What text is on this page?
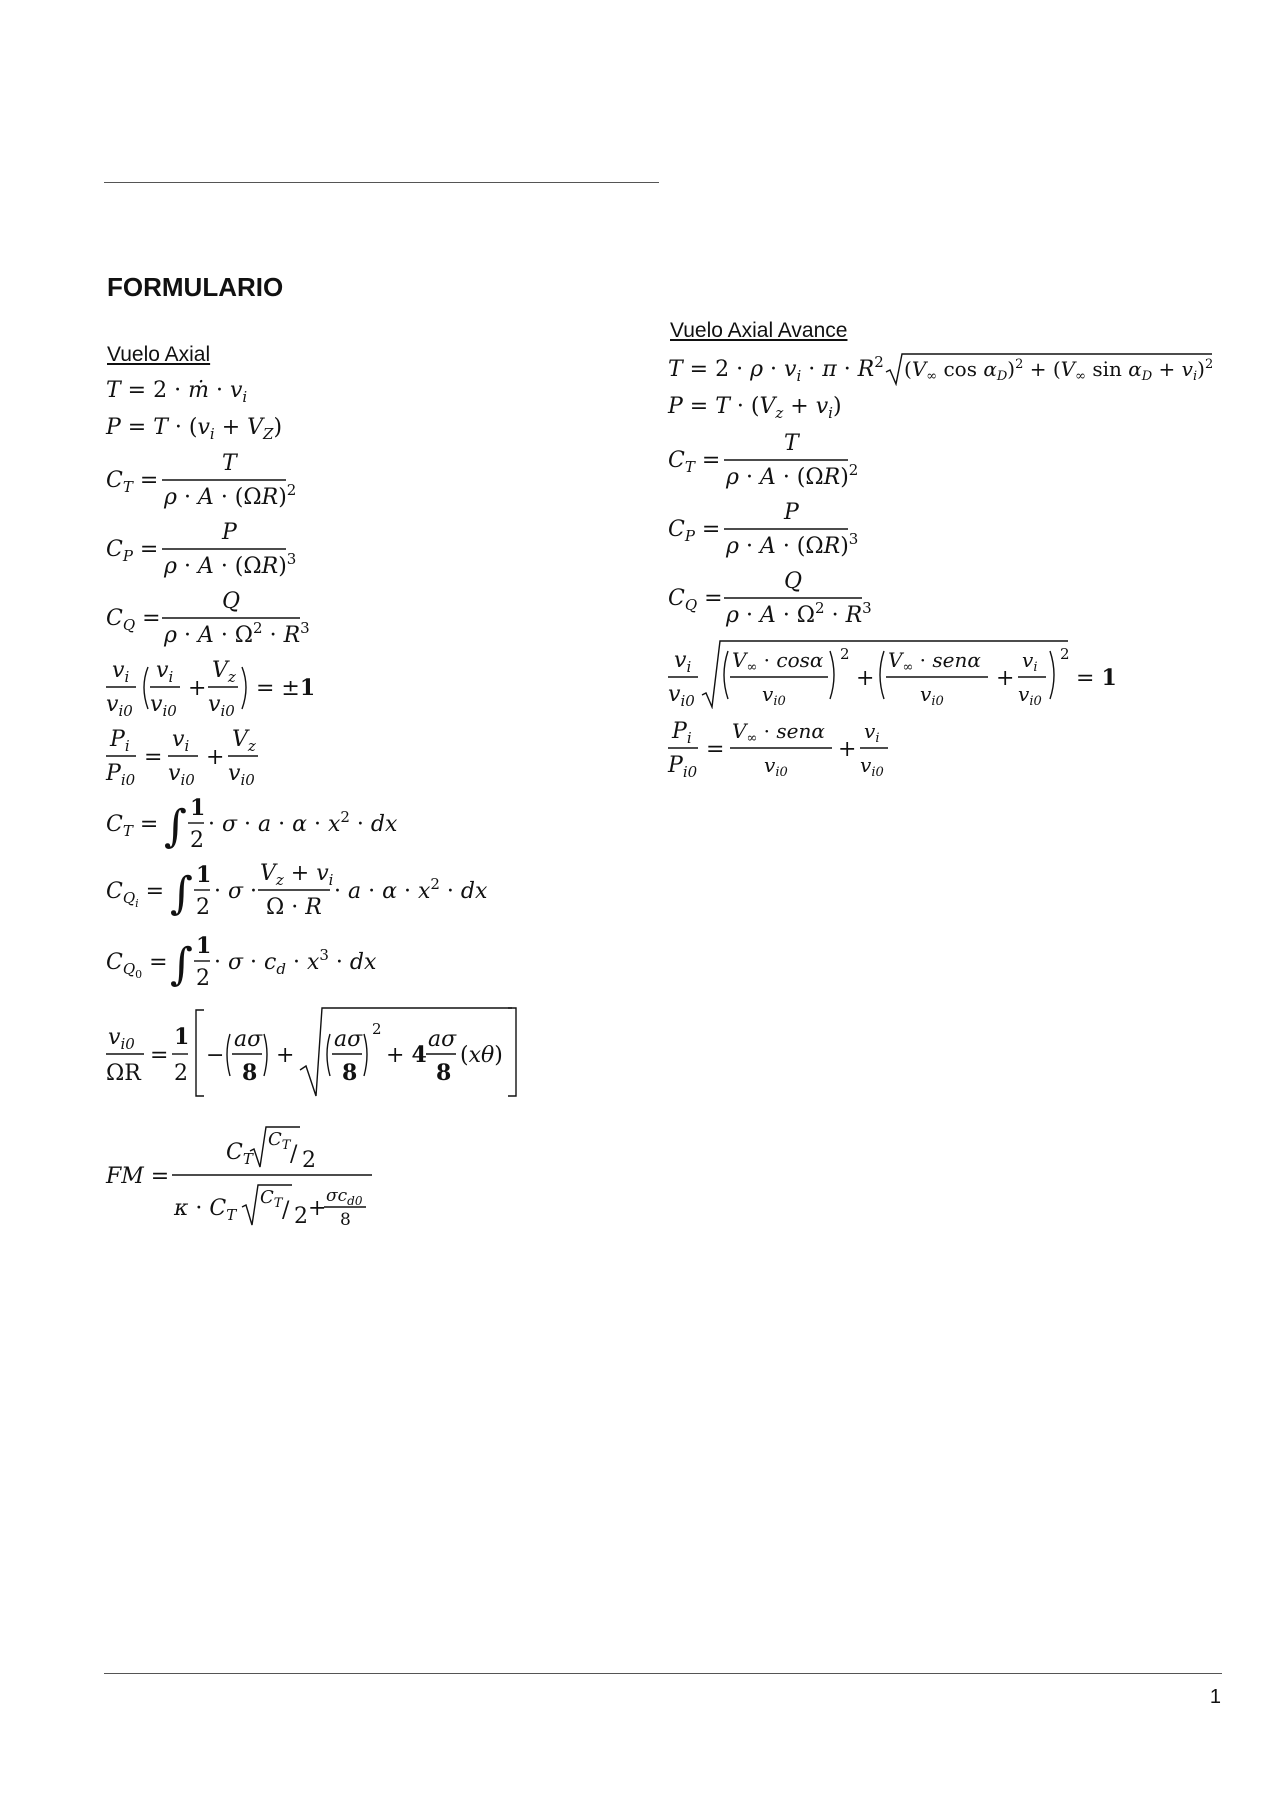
FORMULARIO
Vuelo Axial
Vuelo Axial Avance
T = 2 · ṁ · $v_i$
$P = T \cdot (v_i + V_Z)$
$C_T$ =
T
$\rho \cdot A \cdot (\Omega R)^2$
$C_P$ =
P
$\rho \cdot A \cdot (\Omega R)^3$
$C_Q$ =
Q
$\rho \cdot A \cdot \Omega^2 \cdot R^3$
$v_i$
$v_{i0}$
$v_i$
$v_{i0}$
+
$V_z$
$v_{i0}$
= ±1
$P_i$
$P_{i0}$
=
$v_i$
$v_{i0}$
+
$V_z$
$v_{i0}$
$C_T$ = ∫ 1
2
· $\sigma \cdot a \cdot \alpha \cdot x^2$ · dx
$C_Qi$ = ∫ 1
2
· σ ·
$V_z + v_i$
Ω · R
· $a \cdot \alpha \cdot x^2$ · dx
$C_Q0$ = ∫ 1
2
· $\sigma \cdot c_d \cdot x^3$ · dx
$v_{i0}$
ΩR
=
1
2
−
aσ
8
+
aσ
8
2
+ 4
aσ
8
(xθ)
FM =
$C_T$
$C_T / 2$
$\kappa \cdot C_T$
$C_T / 2 + \sigma c_{d0}$
8
$T = 2 \cdot \rho \cdot v_i \cdot \pi \cdot R^2$ ($V_\infty$ $\cos \alpha_D)^2 + (V_\infty$ $\sin \alpha_D + v_i)^2$
$P = T \cdot (V_z + v_i)$
$C_T$ =
T
$\rho \cdot A \cdot (\Omega R)^2$
$C_P$ =
P
$\rho \cdot A \cdot (\Omega R)^3$
$C_Q$ =
Q
$\rho \cdot A \cdot \Omega^2 \cdot R^3$
$v_i$
$v_{i0}$
$V_\infty \cdot \cos\alpha$
$v_{i0}$
2
+
$V_\infty \cdot sen\alpha$
$v_{i0}$
+
$v_i$
$v_{i0}$
2
= 1
$P_i$
$P_{i0}$
=
$V_\infty \cdot sen\alpha$
$v_{i0}$
+
$v_i$
$v_{i0}$
1
